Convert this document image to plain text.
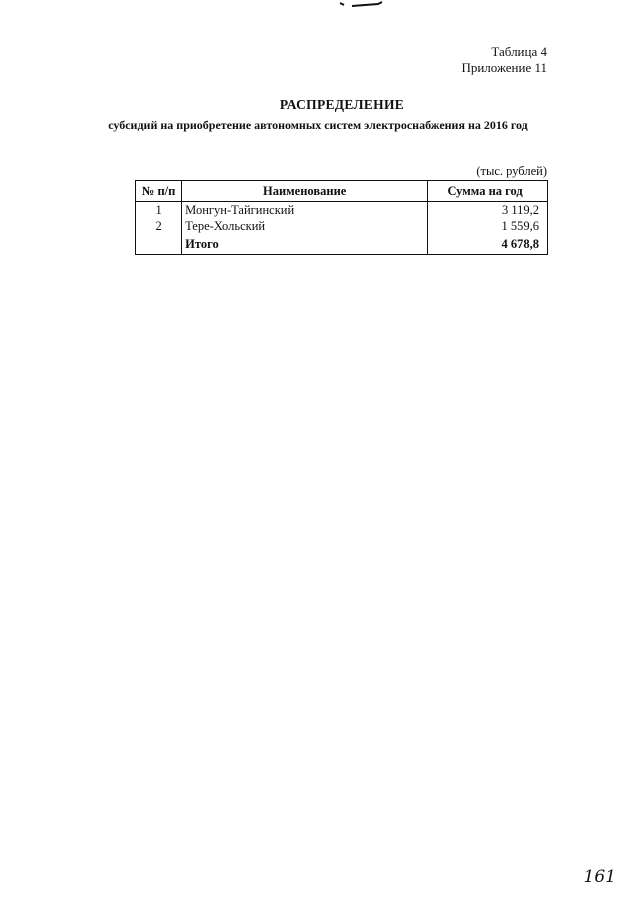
Таблица 4
Приложение 11
РАСПРЕДЕЛЕНИЕ
субсидий на приобретение автономных систем электроснабжения на 2016 год
(тыс. рублей)
№ п/п	Наименование	Сумма на год
1	Монгун-Тайгинский	3 119,2
2	Тере-Хольский	1 559,6
	Итого	4 678,8
161
